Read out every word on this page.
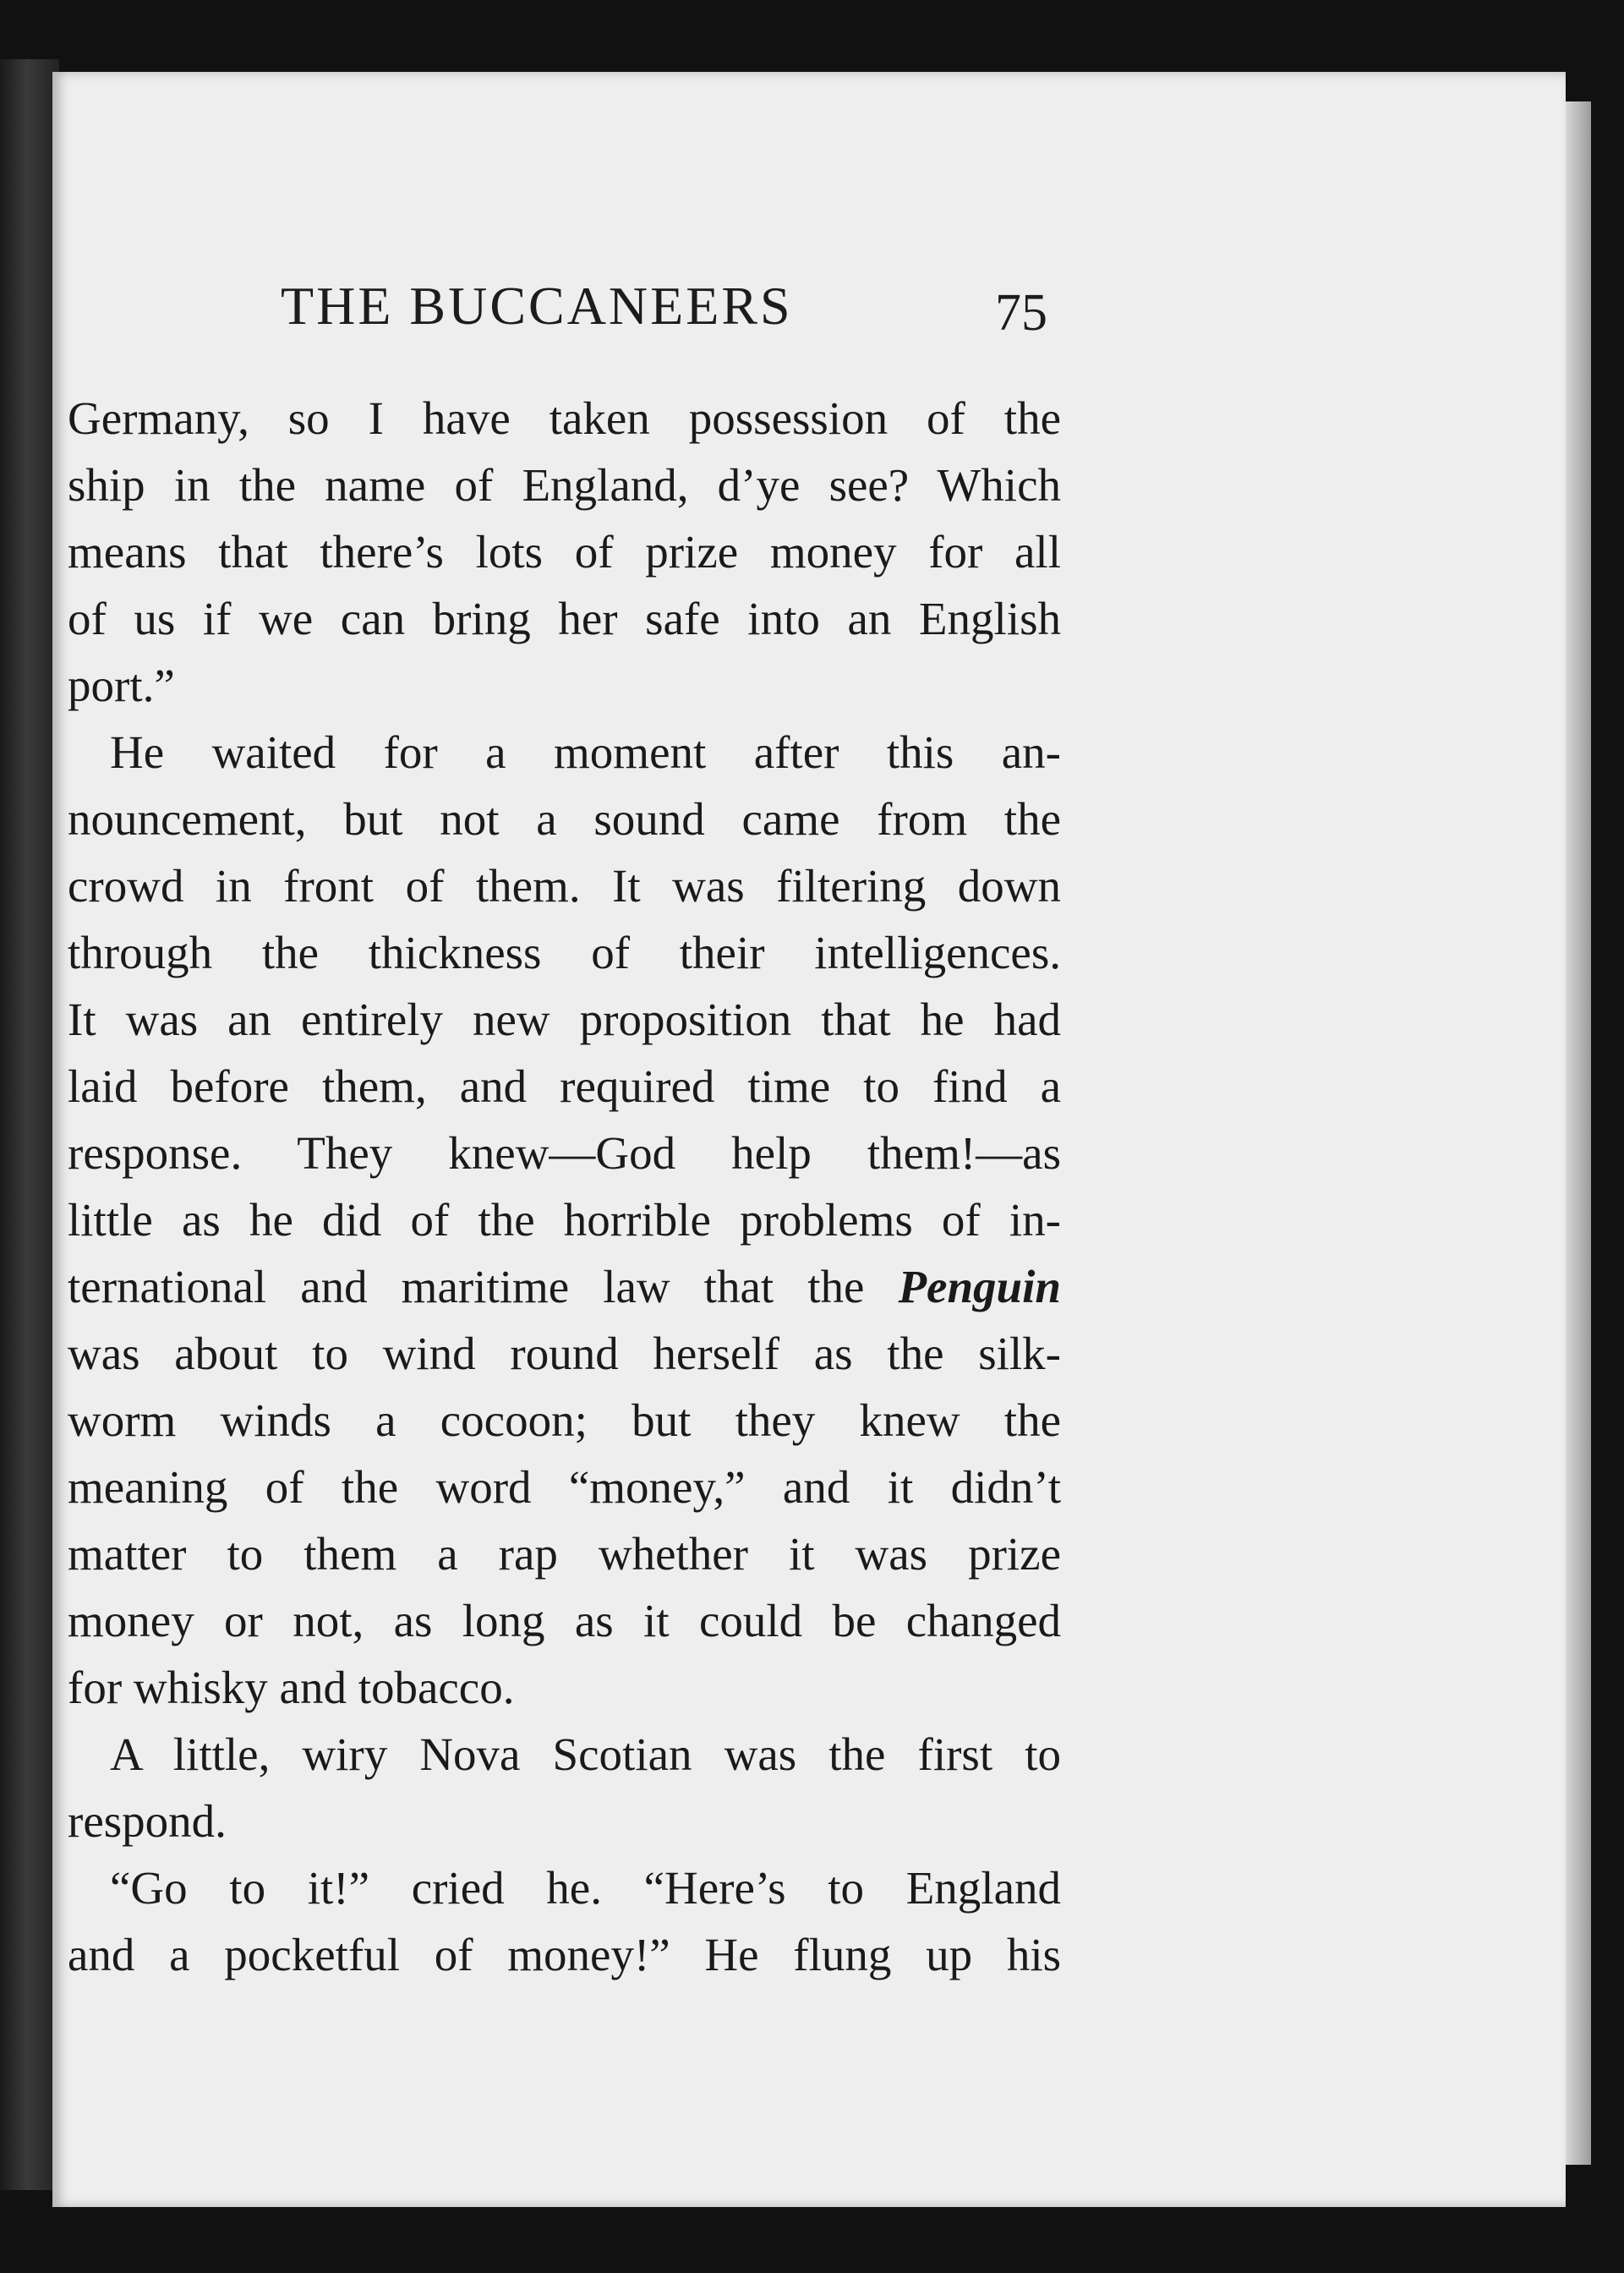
THE BUCCANEERS	75
Germany, so I have taken possession of the
ship in the name of England, d’ye see? Which
means that there’s lots of prize money for all
of us if we can bring her safe into an English
port.”
He waited for a moment after this an-
nouncement, but not a sound came from the
crowd in front of them. It was filtering down
through the thickness of their intelligences.
It was an entirely new proposition that he had
laid before them, and required time to find a
response. They knew—God help them!—as
little as he did of the horrible problems of in-
ternational and maritime law that the Penguin
was about to wind round herself as the silk-
worm winds a cocoon; but they knew the
meaning of the word “money,” and it didn’t
matter to them a rap whether it was prize
money or not, as long as it could be changed
for whisky and tobacco.
A little, wiry Nova Scotian was the first to
respond.
“Go to it!” cried he. “Here’s to England
and a pocketful of money!” He flung up his
